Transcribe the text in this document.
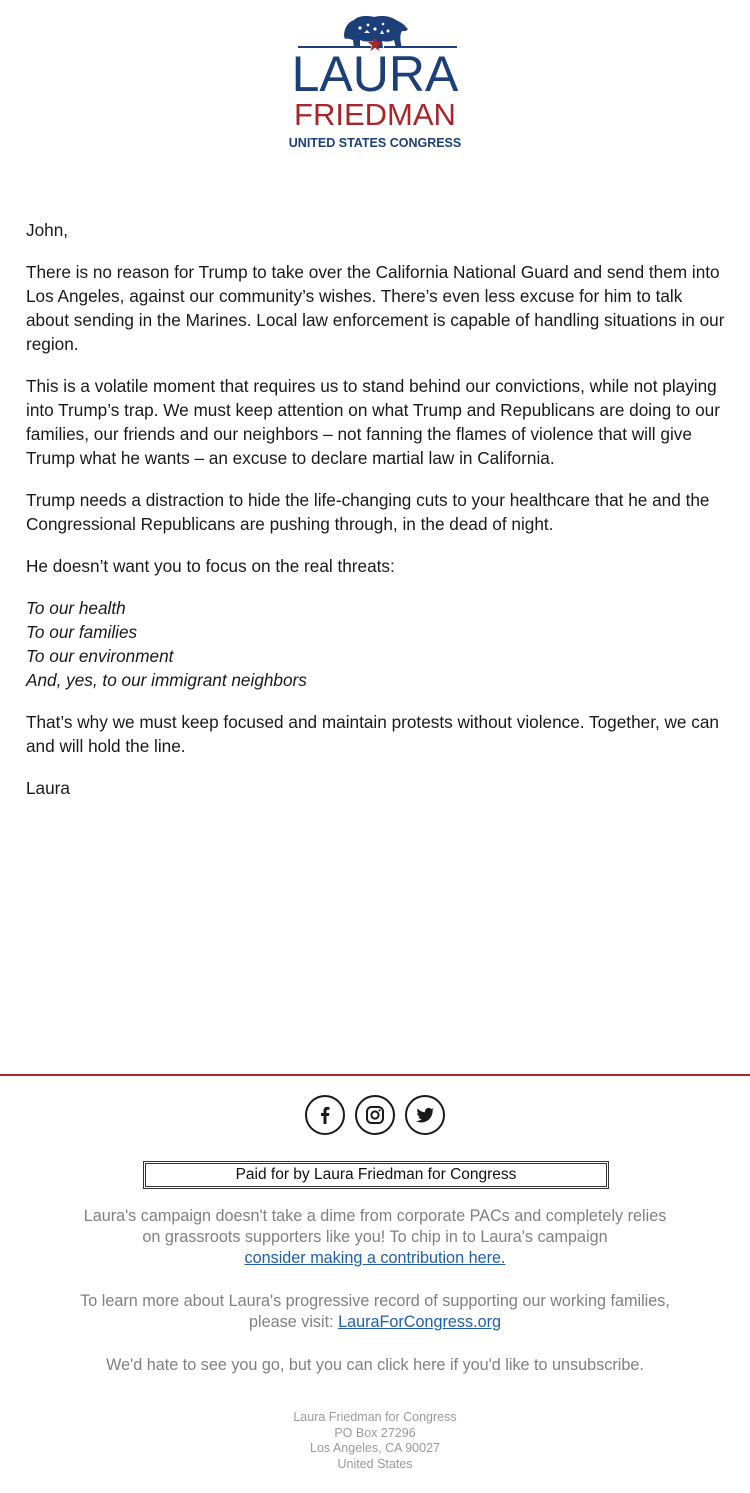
LAURA
FRIEDMAN
UNITED STATES CONGRESS

John,

There is no reason for Trump to take over the California National Guard and send them into Los Angeles, against our community’s wishes. There’s even less excuse for him to talk about sending in the Marines. Local law enforcement is capable of handling situations in our region.

This is a volatile moment that requires us to stand behind our convictions, while not playing into Trump’s trap. We must keep attention on what Trump and Republicans are doing to our families, our friends and our neighbors – not fanning the flames of violence that will give Trump what he wants – an excuse to declare martial law in California.

Trump needs a distraction to hide the life-changing cuts to your healthcare that he and the Congressional Republicans are pushing through, in the dead of night.

He doesn’t want you to focus on the real threats:

To our health
To our families
To our environment
And, yes, to our immigrant neighbors

That’s why we must keep focused and maintain protests without violence. Together, we can and will hold the line.

Laura

Paid for by Laura Friedman for Congress
Laura's campaign doesn't take a dime from corporate PACs and completely relies on grassroots supporters like you! To chip in to Laura's campaign
consider making a contribution here.
To learn more about Laura's progressive record of supporting our working families, please visit: LauraForCongress.org
We'd hate to see you go, but you can click here if you'd like to unsubscribe.
Laura Friedman for Congress
PO Box 27296
Los Angeles, CA 90027
United States
